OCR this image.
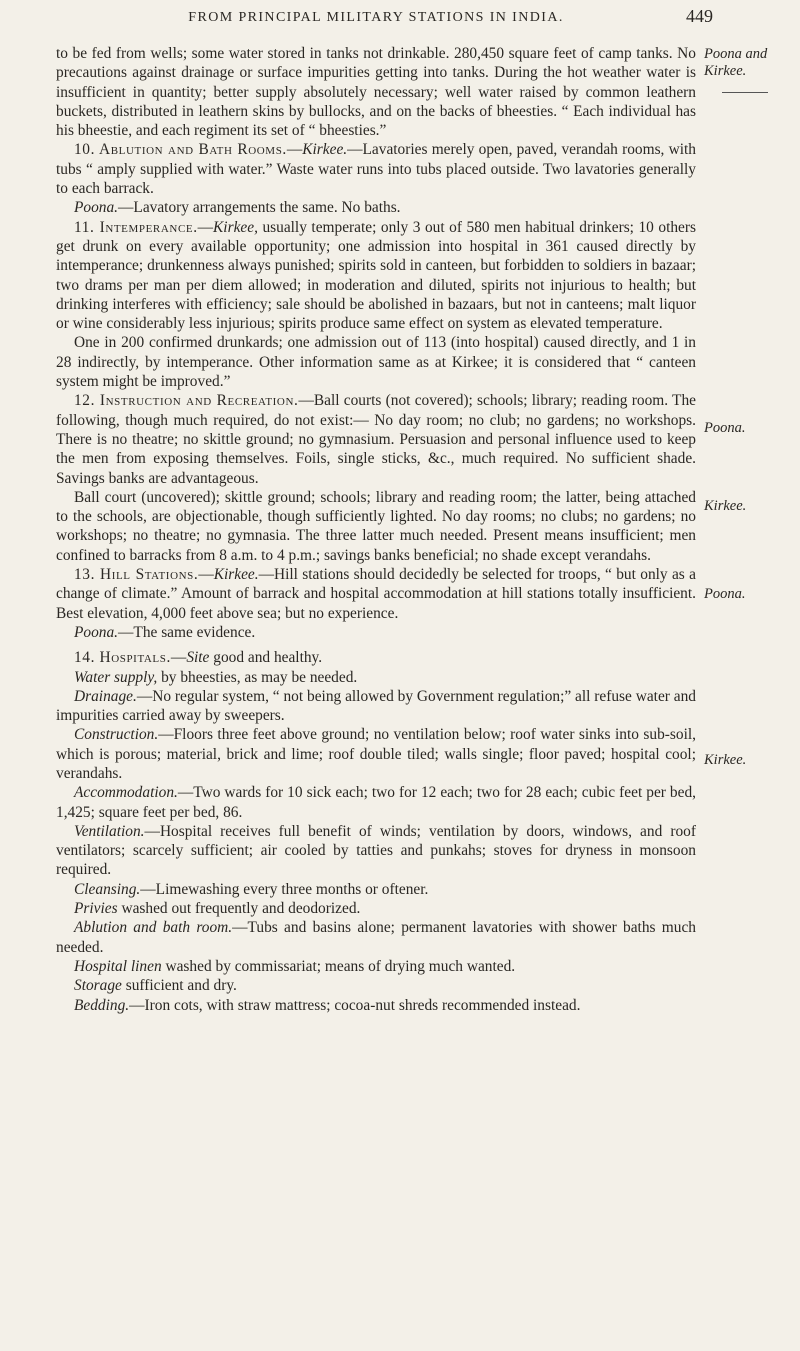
FROM PRINCIPAL MILITARY STATIONS IN INDIA.	449
Poona and Kirkee.
Poona.
Kirkee.
Poona.
Kirkee.

to be fed from wells; some water stored in tanks not drinkable. 280,450 square feet of camp tanks. No precautions against drainage or surface impurities getting into tanks. During the hot weather water is insufficient in quantity; better supply absolutely necessary; well water raised by common leathern buckets, distributed in leathern skins by bullocks, and on the backs of bheesties. “ Each individual has his bheestie, and each regiment its set of “ bheesties.”

10. Ablution and Bath Rooms.—Kirkee.—Lavatories merely open, paved, verandah rooms, with tubs “ amply supplied with water.” Waste water runs into tubs placed outside. Two lavatories generally to each barrack.

Poona.—Lavatory arrangements the same. No baths.

11. Intemperance.—Kirkee, usually temperate; only 3 out of 580 men habitual drinkers; 10 others get drunk on every available opportunity; one admission into hospital in 361 caused directly by intemperance; drunkenness always punished; spirits sold in canteen, but forbidden to soldiers in bazaar; two drams per man per diem allowed; in moderation and diluted, spirits not injurious to health; but drinking interferes with efficiency; sale should be abolished in bazaars, but not in canteens; malt liquor or wine considerably less injurious; spirits produce same effect on system as elevated temperature.

One in 200 confirmed drunkards; one admission out of 113 (into hospital) caused directly, and 1 in 28 indirectly, by intemperance. Other information same as at Kirkee; it is considered that “ canteen system might be improved.”

12. Instruction and Recreation.—Ball courts (not covered); schools; library; reading room. The following, though much required, do not exist:— No day room; no club; no gardens; no workshops. There is no theatre; no skittle ground; no gymnasium. Persuasion and personal influence used to keep the men from exposing themselves. Foils, single sticks, &c., much required. No sufficient shade. Savings banks are advantageous.

Ball court (uncovered); skittle ground; schools; library and reading room; the latter, being attached to the schools, are objectionable, though sufficiently lighted. No day rooms; no clubs; no gardens; no workshops; no theatre; no gymnasia. The three latter much needed. Present means insufficient; men confined to barracks from 8 a.m. to 4 p.m.; savings banks beneficial; no shade except verandahs.

13. Hill Stations.—Kirkee.—Hill stations should decidedly be selected for troops, “ but only as a change of climate.” Amount of barrack and hospital accommodation at hill stations totally insufficient. Best elevation, 4,000 feet above sea; but no experience.

Poona.—The same evidence.

14. Hospitals.—Site good and healthy.

Water supply, by bheesties, as may be needed.

Drainage.—No regular system, “ not being allowed by Government regulation;” all refuse water and impurities carried away by sweepers.

Construction.—Floors three feet above ground; no ventilation below; roof water sinks into sub-soil, which is porous; material, brick and lime; roof double tiled; walls single; floor paved; hospital cool; verandahs.

Accommodation.—Two wards for 10 sick each; two for 12 each; two for 28 each; cubic feet per bed, 1,425; square feet per bed, 86.

Ventilation.—Hospital receives full benefit of winds; ventilation by doors, windows, and roof ventilators; scarcely sufficient; air cooled by tatties and punkahs; stoves for dryness in monsoon required.

Cleansing.—Limewashing every three months or oftener.

Privies washed out frequently and deodorized.

Ablution and bath room.—Tubs and basins alone; permanent lavatories with shower baths much needed.

Hospital linen washed by commissariat; means of drying much wanted.

Storage sufficient and dry.

Bedding.—Iron cots, with straw mattress; cocoa-nut shreds recommended instead.
